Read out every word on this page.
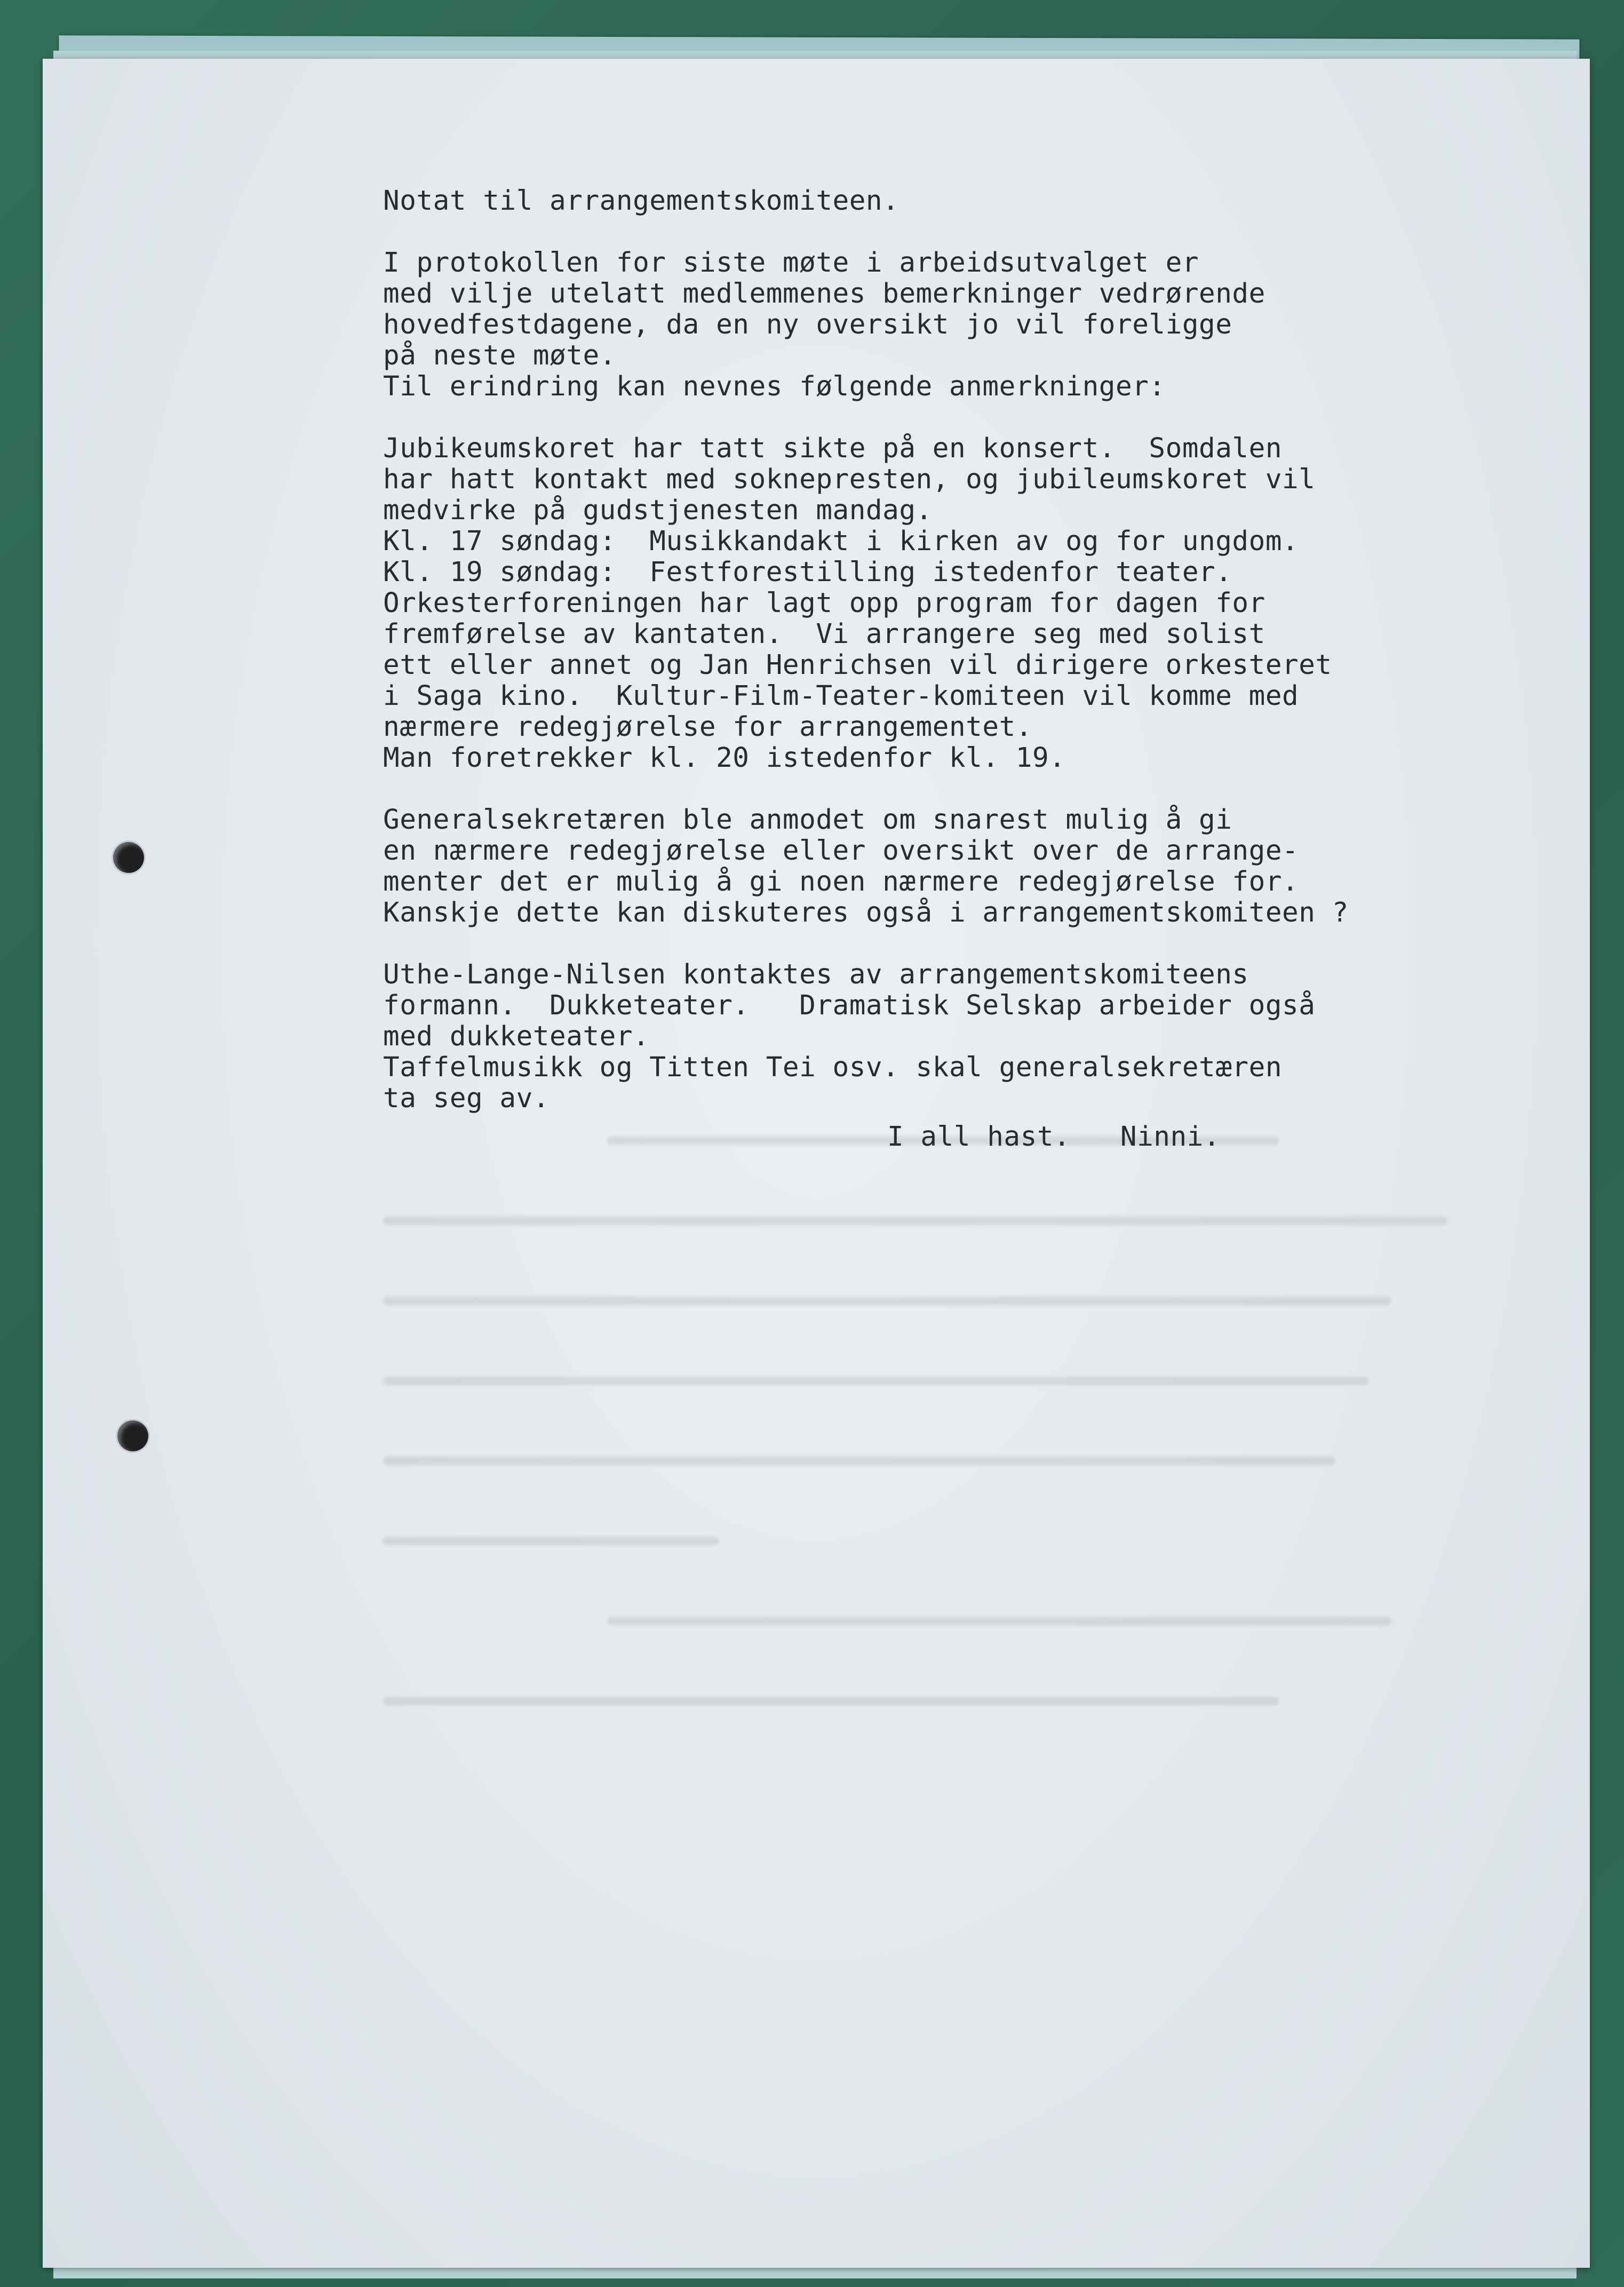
Notat til arrangementskomiteen.

I protokollen for siste møte i arbeidsutvalget er

med vilje utelatt medlemmenes bemerkninger vedrørende

hovedfestdagene, da en ny oversikt jo vil foreligge

på neste møte.

Til erindring kan nevnes følgende anmerkninger:

Jubikeumskoret har tatt sikte på en konsert.  Somdalen

har hatt kontakt med soknepresten, og jubileumskoret vil

medvirke på gudstjenesten mandag.

Kl. 17 søndag:  Musikkandakt i kirken av og for ungdom.

Kl. 19 søndag:  Festforestilling istedenfor teater.

Orkesterforeningen har lagt opp program for dagen for

fremførelse av kantaten.  Vi arrangere seg med solist

ett eller annet og Jan Henrichsen vil dirigere orkesteret

i Saga kino.  Kultur-Film-Teater-komiteen vil komme med

nærmere redegjørelse for arrangementet.

Man foretrekker kl. 20 istedenfor kl. 19.

Generalsekretæren ble anmodet om snarest mulig å gi

en nærmere redegjørelse eller oversikt over de arrange-

menter det er mulig å gi noen nærmere redegjørelse for.

Kanskje dette kan diskuteres også i arrangementskomiteen ?

Uthe-Lange-Nilsen kontaktes av arrangementskomiteens

formann.  Dukketeater.   Dramatisk Selskap arbeider også

med dukketeater.

Taffelmusikk og Titten Tei osv. skal generalsekretæren

ta seg av.

I all hast.   Ninni.
